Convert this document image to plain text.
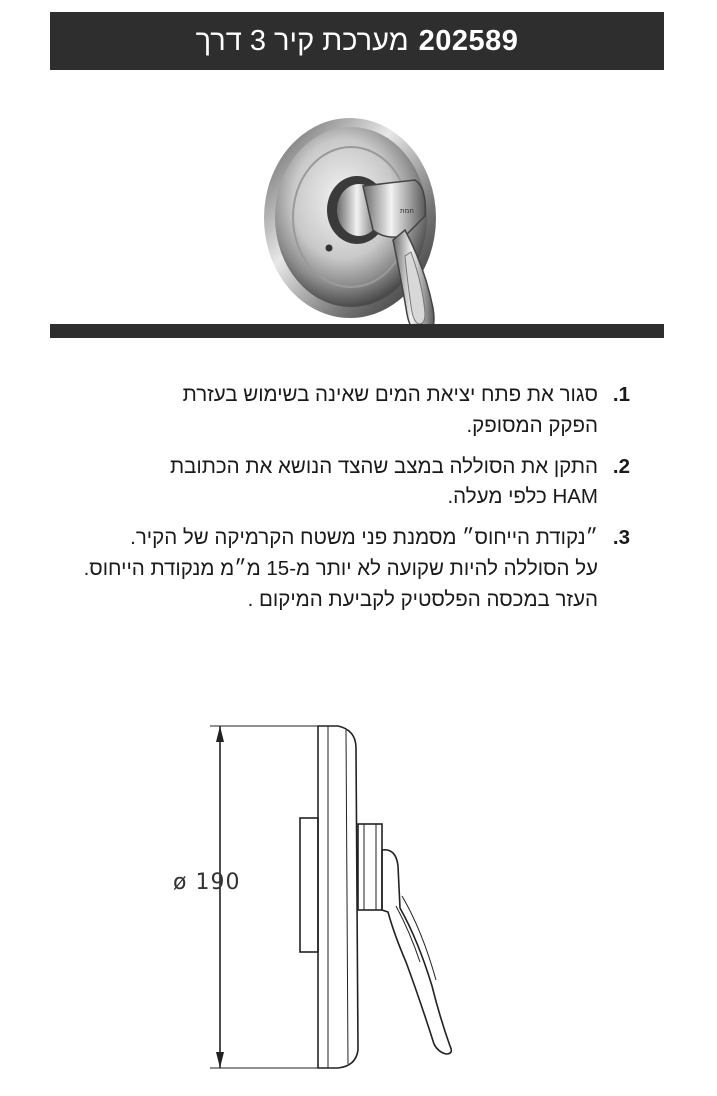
202589
מערכת קיר 3 דרך
חמת
1.
סגור את פתח יציאת המים שאינה בשימוש בעזרת
הפקק המסופק.
2.
התקן את הסוללה במצב שהצד הנושא את הכתובת
HAM כלפי מעלה.
3.
״נקודת הייחוס״ מסמנת פני משטח הקרמיקה של הקיר.
על הסוללה להיות שקועה לא יותר מ-15 מ״מ מנקודת הייחוס.
העזר במכסה הפלסטיק לקביעת המיקום .
ø 190
